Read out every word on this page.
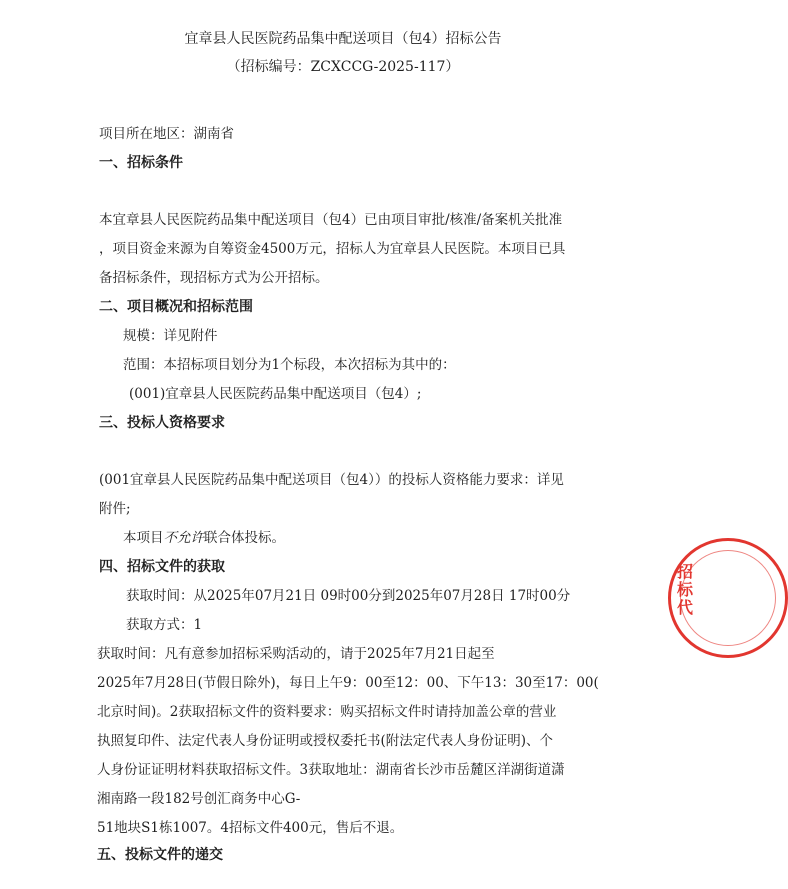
宜章县人民医院药品集中配送项目（包4）招标公告
（招标编号：ZCXCCG-2025-117）
项目所在地区：湖南省
一、招标条件
本宜章县人民医院药品集中配送项目（包4）已由项目审批/核准/备案机关批准
，项目资金来源为自筹资金4500万元，招标人为宜章县人民医院。本项目已具
备招标条件，现招标方式为公开招标。
二、项目概况和招标范围
规模：详见附件
范围：本招标项目划分为1个标段，本次招标为其中的：
(001)宜章县人民医院药品集中配送项目（包4）;
三、投标人资格要求
(001宜章县人民医院药品集中配送项目（包4））的投标人资格能力要求：详见
附件;
本项目不允许联合体投标。
四、招标文件的获取
获取时间：从2025年07月21日 09时00分到2025年07月28日 17时00分
获取方式：1
获取时间：凡有意参加招标采购活动的，请于2025年7月21日起至
2025年7月28日(节假日除外)，每日上午9：00至12：00、下午13：30至17：00(
北京时间)。2获取招标文件的资料要求：购买招标文件时请持加盖公章的营业
执照复印件、法定代表人身份证明或授权委托书(附法定代表人身份证明)、个
人身份证证明材料获取招标文件。3获取地址：湖南省长沙市岳麓区洋湖街道潇
湘南路一段182号创汇商务中心G-
51地块S1栋1007。4招标文件400元，售后不退。
五、投标文件的递交
招标代
